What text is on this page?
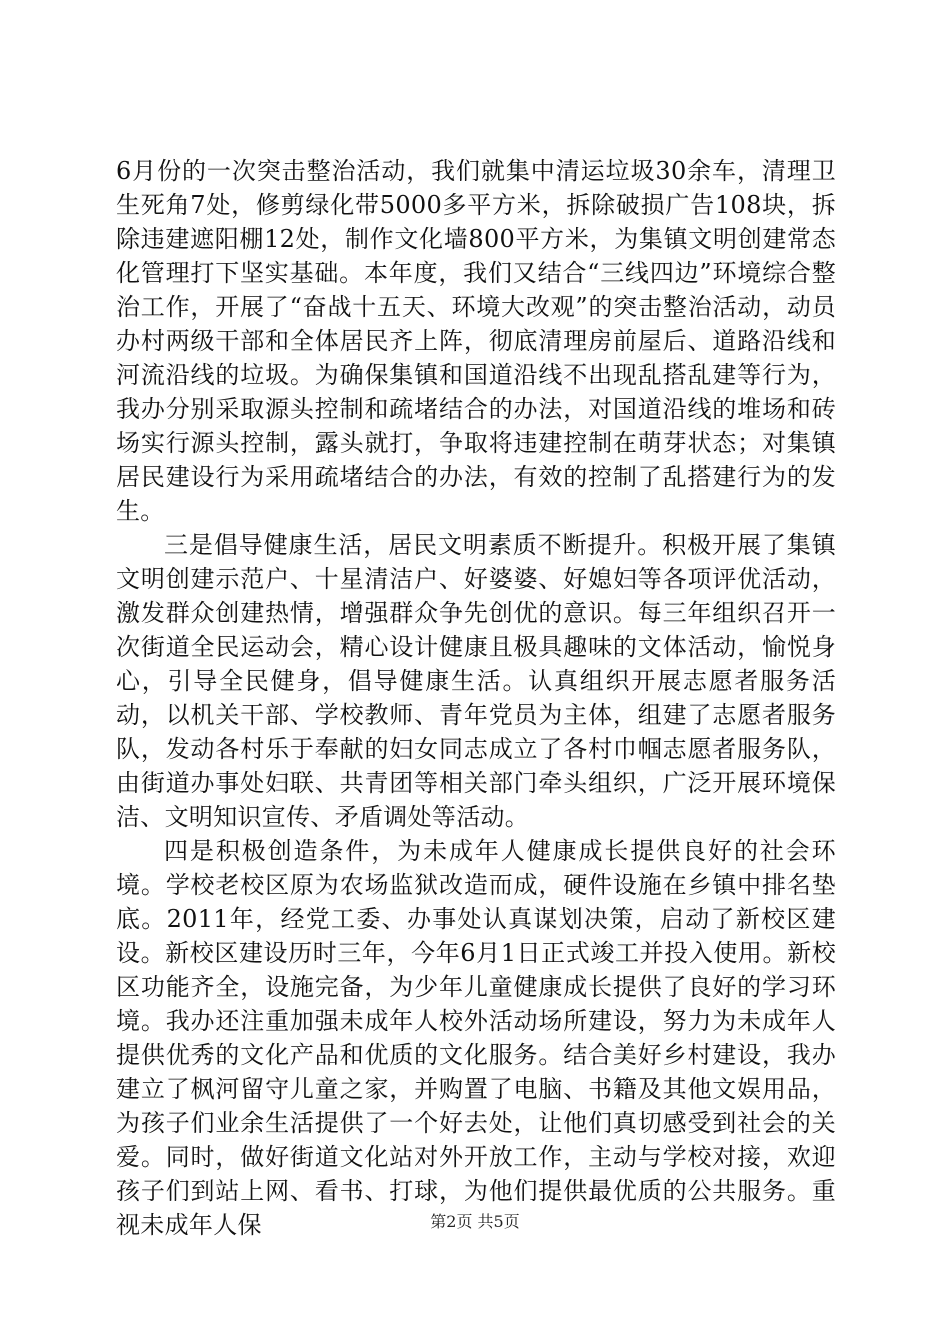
6月份的一次突击整治活动，我们就集中清运垃圾30余车，清理卫生死角7处，修剪绿化带5000多平方米，拆除破损广告108块，拆除违建遮阳棚12处，制作文化墙800平方米，为集镇文明创建常态化管理打下坚实基础。本年度，我们又结合“三线四边”环境综合整治工作，开展了“奋战十五天、环境大改观”的突击整治活动，动员办村两级干部和全体居民齐上阵，彻底清理房前屋后、道路沿线和河流沿线的垃圾。为确保集镇和国道沿线不出现乱搭乱建等行为，我办分别采取源头控制和疏堵结合的办法，对国道沿线的堆场和砖场实行源头控制，露头就打，争取将违建控制在萌芽状态；对集镇居民建设行为采用疏堵结合的办法，有效的控制了乱搭建行为的发生。

三是倡导健康生活，居民文明素质不断提升。积极开展了集镇文明创建示范户、十星清洁户、好婆婆、好媳妇等各项评优活动，激发群众创建热情，增强群众争先创优的意识。每三年组织召开一次街道全民运动会，精心设计健康且极具趣味的文体活动，愉悦身心，引导全民健身，倡导健康生活。认真组织开展志愿者服务活动，以机关干部、学校教师、青年党员为主体，组建了志愿者服务队，发动各村乐于奉献的妇女同志成立了各村巾帼志愿者服务队，由街道办事处妇联、共青团等相关部门牵头组织，广泛开展环境保洁、文明知识宣传、矛盾调处等活动。

四是积极创造条件，为未成年人健康成长提供良好的社会环境。学校老校区原为农场监狱改造而成，硬件设施在乡镇中排名垫底。2011年，经党工委、办事处认真谋划决策，启动了新校区建设。新校区建设历时三年，今年6月1日正式竣工并投入使用。新校区功能齐全，设施完备，为少年儿童健康成长提供了良好的学习环境。我办还注重加强未成年人校外活动场所建设，努力为未成年人提供优秀的文化产品和优质的文化服务。结合美好乡村建设，我办建立了枫河留守儿童之家，并购置了电脑、书籍及其他文娱用品，为孩子们业余生活提供了一个好去处，让他们真切感受到社会的关爱。同时，做好街道文化站对外开放工作，主动与学校对接，欢迎孩子们到站上网、看书、打球，为他们提供最优质的公共服务。重视未成年人保	第2页 共5页
